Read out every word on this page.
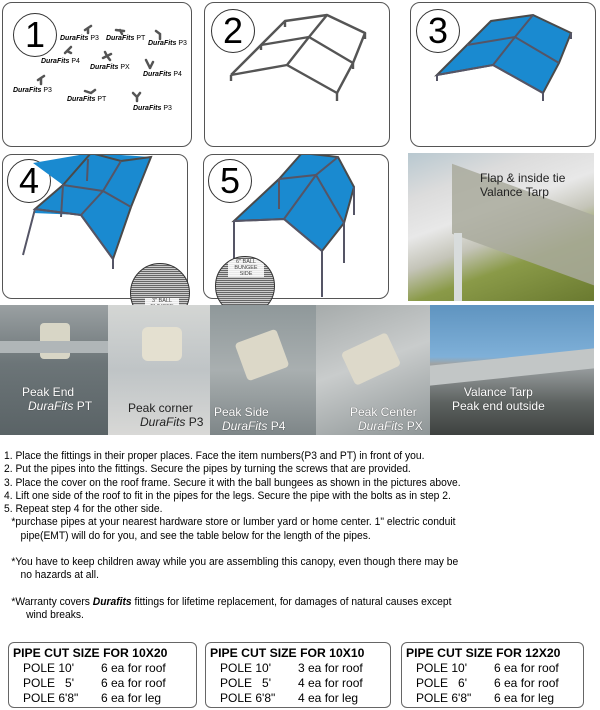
1	DuraFits P3 DuraFits PT
DuraFits P3
DuraFits P4
DuraFits PX
DuraFits P4
DuraFits P3
DuraFits PT
DuraFits P3
2	3
4	5
3" BALL
6" BALL BUNGEE SIDE
Flap & inside tie
Valance Tarp
Peak End
DuraFits PT	Peak corner
DuraFits P3
Peak Side
DuraFits P4
Peak Center
DuraFits PX
Valance Tarp
Peak end outside

1. Place the fittings in their proper places. Face the item numbers(P3 and PT) in front of you.

2. Put the pipes into the fittings. Secure the pipes by turning the screws that are provided.

3. Place the cover on the roof frame. Secure it with the ball bungees as shown in the pictures above.

4. Lift one side of the roof to fit in the pipes for the legs. Secure the pipe with the bolts as in step 2.

5. Repeat step 4 for the other side.

*purchase pipes at your nearest hardware store or lumber yard or home center. 1" electric conduit

pipe(EMT) will do for you, and see the table below for the length of the pipes.

*You have to keep children away while you are assembling this canopy, even though there may be

no hazards at all.

*Warranty covers Durafits fittings for lifetime replacement, for damages of natural causes except

wind breaks.

PIPE CUT SIZE FOR 10X20
POLE 10'	6 ea for roof
POLE   5'	6 ea for roof
POLE 6'8"	6 ea for leg
PIPE CUT SIZE FOR 10X10
POLE 10'	3 ea for roof
POLE   5'	4 ea for roof
POLE 6'8"	4 ea for leg
PIPE CUT SIZE FOR 12X20
POLE 10'	6 ea for roof
POLE   6'	6 ea for roof
POLE 6'8"	6 ea for leg
